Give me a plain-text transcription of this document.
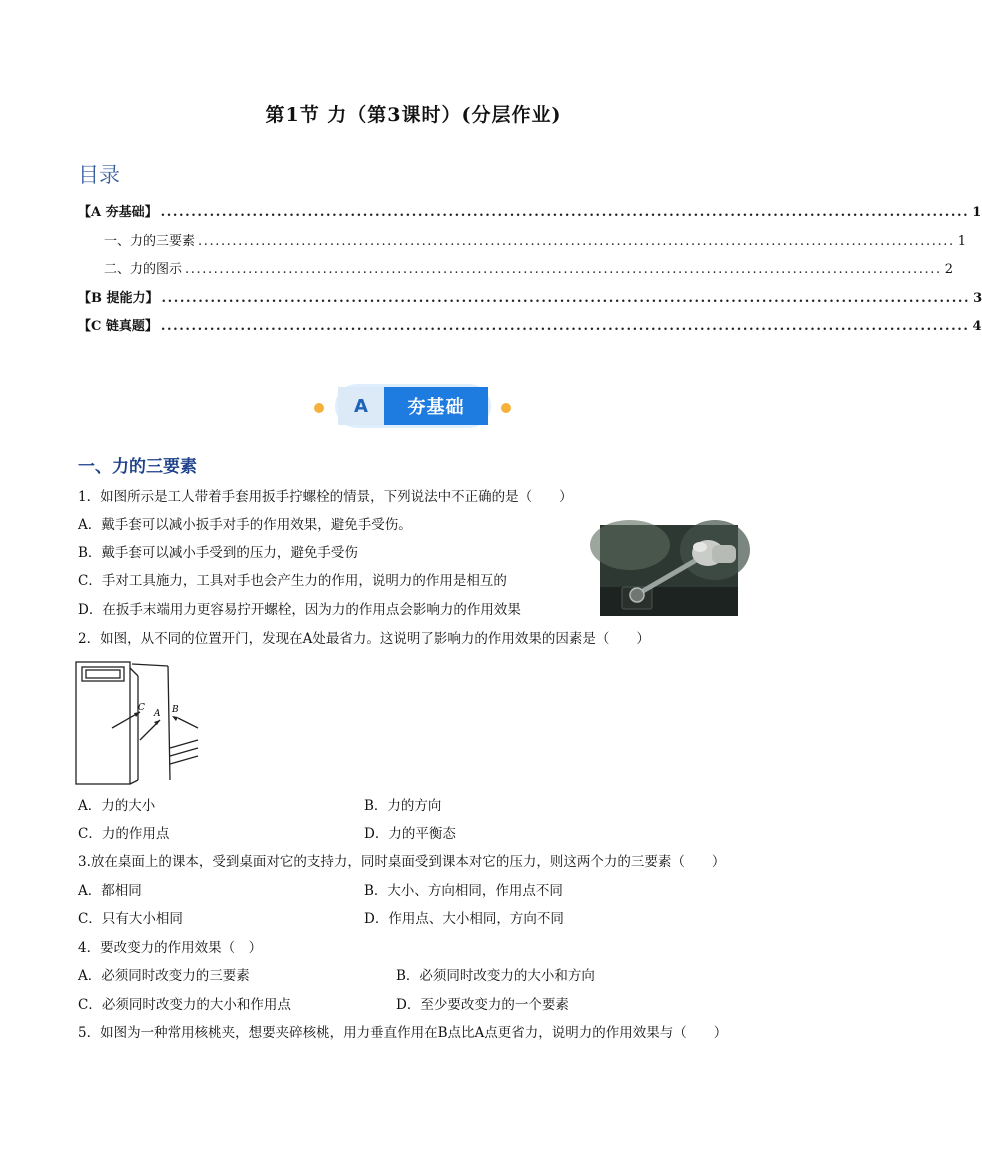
第1节 力（第3课时）(分层作业)
目录
【A 夯基础】 .................................................................................................................................... 1
一、力的三要素 .................................................................................................................................... 1
二、力的图示 .................................................................................................................................... 2
【B 提能力】 .................................................................................................................................... 3
【C 链真题】 .................................................................................................................................... 4
A	夯基础
一、力的三要素
1．如图所示是工人带着手套用扳手拧螺栓的情景，下列说法中不正确的是（　　）
A．戴手套可以减小扳手对手的作用效果，避免手受伤。
B．戴手套可以减小手受到的压力，避免手受伤
C．手对工具施力，工具对手也会产生力的作用，说明力的作用是相互的
D．在扳手末端用力更容易拧开螺栓，因为力的作用点会影响力的作用效果
2．如图，从不同的位置开门，发现在A处最省力。这说明了影响力的作用效果的因素是（　　）
C
A B
A．力的大小	B．力的方向
C．力的作用点	D．力的平衡态
3.放在桌面上的课本，受到桌面对它的支持力，同时桌面受到课本对它的压力，则这两个力的三要素（　　）
A．都相同	B．大小、方向相同，作用点不同
C．只有大小相同	D．作用点、大小相同，方向不同
4．要改变力的作用效果（　）
A．必须同时改变力的三要素	B．必须同时改变力的大小和方向
C．必须同时改变力的大小和作用点	D．至少要改变力的一个要素
5．如图为一种常用核桃夹，想要夹碎核桃，用力垂直作用在B点比A点更省力，说明力的作用效果与（　　）
